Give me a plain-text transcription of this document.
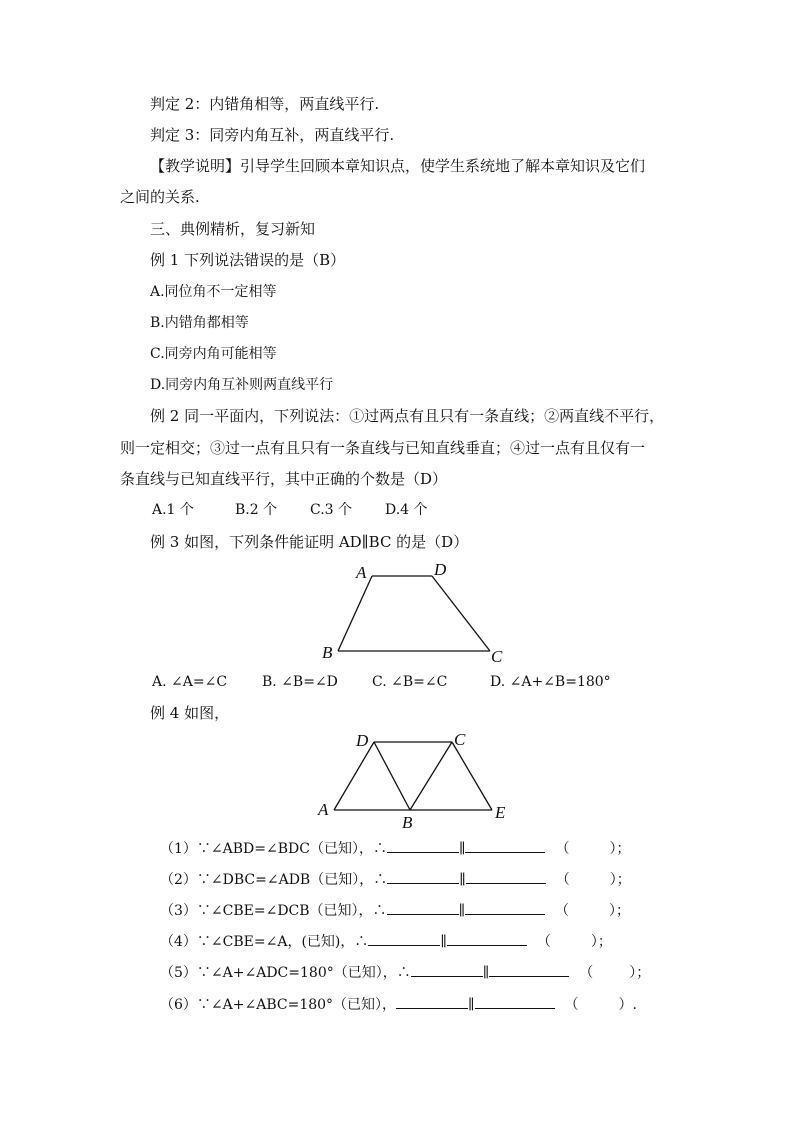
判定 2：内错角相等，两直线平行.
判定 3：同旁内角互补，两直线平行.
【教学说明】引导学生回顾本章知识点，使学生系统地了解本章知识及它们
之间的关系.
三、典例精析，复习新知
例 1 下列说法错误的是（B）
A.同位角不一定相等
B.内错角都相等
C.同旁内角可能相等
D.同旁内角互补则两直线平行
例 2 同一平面内，下列说法：①过两点有且只有一条直线；②两直线不平行，
则一定相交；③过一点有且只有一条直线与已知直线垂直；④过一点有且仅有一
条直线与已知直线平行，其中正确的个数是（D）
A.1 个	B.2 个 C.3 个 D.4 个
例 3 如图，下列条件能证明 AD∥BC 的是（D）
A	D
B	C
A. ∠A=∠C B. ∠B=∠D C. ∠B=∠C	D. ∠A+∠B=180°
例 4 如图，
D	C
A
B
E
（1）∵∠ABD=∠BDC（已知），∴	∥	（	）；
（2）∵∠DBC=∠ADB（已知），∴	∥	（	）；
（3）∵∠CBE=∠DCB（已知），∴	∥	（	）；
（4）∵∠CBE=∠A，(已知)，∴	∥	（	）；
（5）∵∠A+∠ADC=180°（已知），∴	∥	（	）；
（6）∵∠A+∠ABC=180°（已知），	∥	（	）.
